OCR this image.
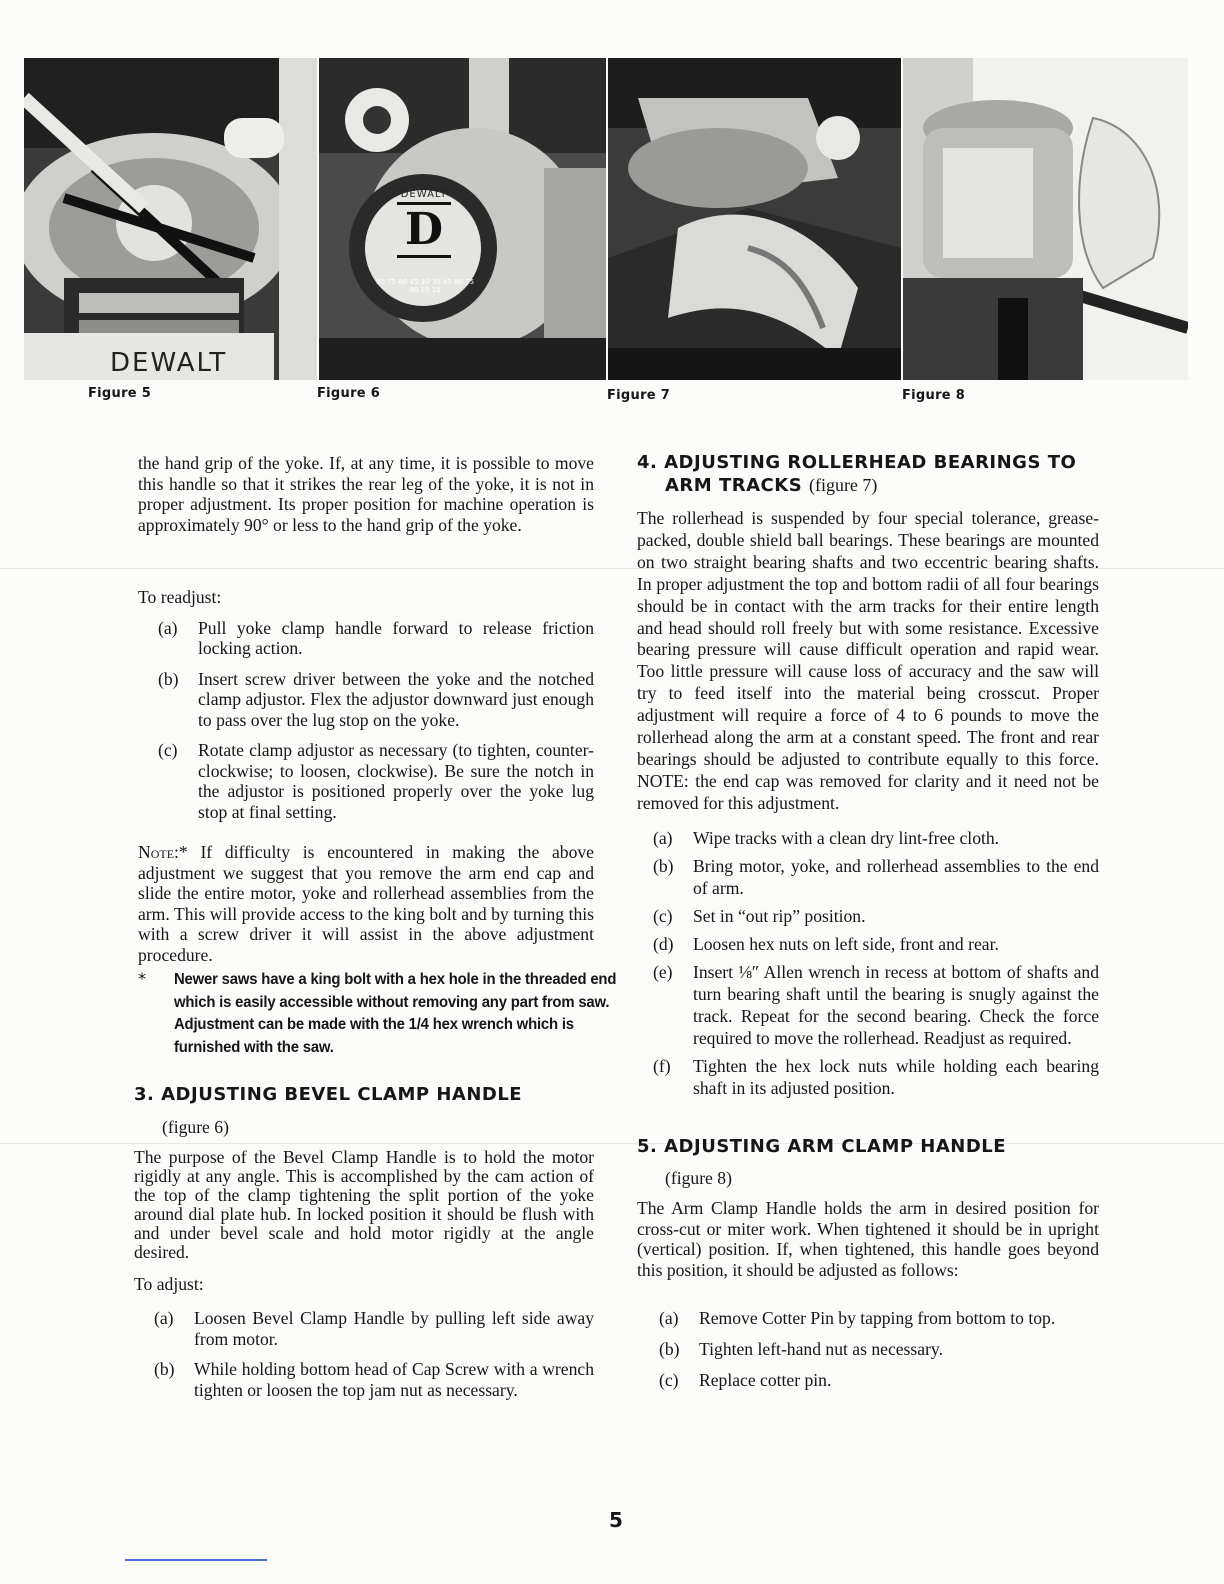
DEWALT
DEWALT
D
90 75 60 45 30 30 45 60 75 90 15 15
Figure 5	Figure 6	Figure 7	Figure 8

the hand grip of the yoke. If, at any time, it is possible to move this handle so that it strikes the rear leg of the yoke, it is not in proper adjustment. Its proper position for machine operation is approximately 90° or less to the hand grip of the yoke.

To readjust:
(a) Pull yoke clamp handle forward to release friction locking action.
(b) Insert screw driver between the yoke and the notched clamp adjustor. Flex the adjustor downward just enough to pass over the lug stop on the yoke.
(c) Rotate clamp adjustor as necessary (to tighten, counter-clockwise; to loosen, clockwise). Be sure the notch in the adjustor is positioned properly over the yoke lug stop at final setting.

Note:* If difficulty is encountered in making the above adjustment we suggest that you remove the arm end cap and slide the entire motor, yoke and rollerhead assemblies from the arm. This will provide access to the king bolt and by turning this with a screw driver it will assist in the above adjustment procedure.

* Newer saws have a king bolt with a hex hole in the threaded end which is easily accessible without removing any part from saw. Adjustment can be made with the 1/4 hex wrench which is furnished with the saw.
3. ADJUSTING BEVEL CLAMP HANDLE
(figure 6)

The purpose of the Bevel Clamp Handle is to hold the motor rigidly at any angle. This is accomplished by the cam action of the top of the clamp tightening the split portion of the yoke around dial plate hub. In locked position it should be flush with and under bevel scale and hold motor rigidly at the angle desired.

To adjust:
(a) Loosen Bevel Clamp Handle by pulling left side away from motor.
(b) While holding bottom head of Cap Screw with a wrench tighten or loosen the top jam nut as necessary.
4. ADJUSTING ROLLERHEAD BEARINGS TO
ARM TRACKS (figure 7)

The rollerhead is suspended by four special tolerance, grease-packed, double shield ball bearings. These bearings are mounted on two straight bearing shafts and two eccentric bearing shafts. In proper adjustment the top and bottom radii of all four bearings should be in contact with the arm tracks for their entire length and head should roll freely but with some resistance. Excessive bearing pressure will cause difficult operation and rapid wear. Too little pressure will cause loss of accuracy and the saw will try to feed itself into the material being crosscut. Proper adjustment will require a force of 4 to 6 pounds to move the rollerhead along the arm at a constant speed. The front and rear bearings should be adjusted to contribute equally to this force. NOTE: the end cap was removed for clarity and it need not be removed for this adjustment.

(a) Wipe tracks with a clean dry lint-free cloth.
(b) Bring motor, yoke, and rollerhead assemblies to the end of arm.
(c) Set in “out rip” position.
(d) Loosen hex nuts on left side, front and rear.
(e) Insert ⅛″ Allen wrench in recess at bottom of shafts and turn bearing shaft until the bearing is snugly against the track. Repeat for the second bearing. Check the force required to move the rollerhead. Readjust as required.
(f) Tighten the hex lock nuts while holding each bearing shaft in its adjusted position.
5. ADJUSTING ARM CLAMP HANDLE
(figure 8)

The Arm Clamp Handle holds the arm in desired position for cross-cut or miter work. When tightened it should be in upright (vertical) position. If, when tightened, this handle goes beyond this position, it should be adjusted as follows:

(a) Remove Cotter Pin by tapping from bottom to top.
(b) Tighten left-hand nut as necessary.
(c) Replace cotter pin.
5
